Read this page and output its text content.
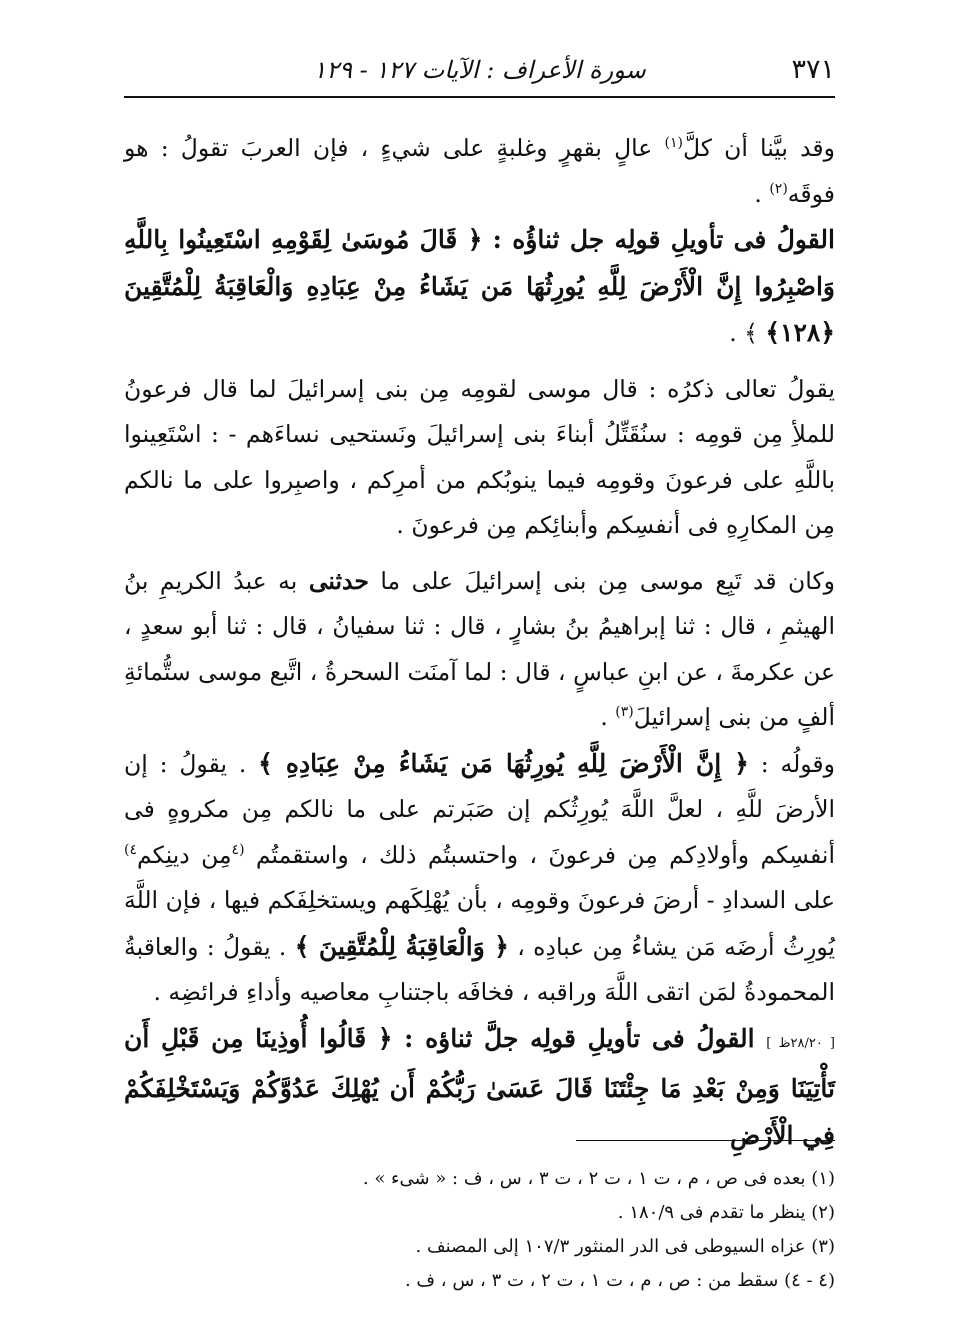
٣٧١
سورة الأعراف : الآيات ١٢٧ - ١٢٩

وقد بيَّنا أن كلَّ$^{(١)}$ عالٍ بقهرٍ وغلبةٍ على شيءٍ ، فإن العربَ تقولُ : هو فوقَه$^{(٢)}$ .

القولُ فى تأويلِ قولِه جل ثناؤُه : ﴿ قَالَ مُوسَىٰ لِقَوْمِهِ اسْتَعِينُوا بِاللَّهِ وَاصْبِرُوا إِنَّ الْأَرْضَ لِلَّهِ يُورِثُهَا مَن يَشَاءُ مِنْ عِبَادِهِ وَالْعَاقِبَةُ لِلْمُتَّقِينَ ﴿١٢٨﴾ ﴾ .

يقولُ تعالى ذكرُه : قال موسى لقومِه مِن بنى إسرائيلَ لما قال فرعونُ للملأِ مِن قومِه : سنُقَتِّلُ أبناءَ بنى إسرائيلَ ونَستحيى نساءَهم - : اسْتَعِينوا باللَّهِ على فرعونَ وقومِه فيما ينوبُكم من أمرِكم ، واصبِروا على ما نالكم مِن المكارِهِ فى أنفسِكم وأبنائِكم مِن فرعونَ .

وكان قد تَبِع موسى مِن بنى إسرائيلَ على ما حدثنى به عبدُ الكريمِ بنُ الهيثمِ ، قال : ثنا إبراهيمُ بنُ بشارٍ ، قال : ثنا سفيانُ ، قال : ثنا أبو سعدٍ ، عن عكرمةَ ، عن ابنِ عباسٍ ، قال : لما آمنَت السحرةُ ، اتَّبع موسى ستُّمائةِ ألفٍ من بنى إسرائيلَ$^{(٣)}$ .

وقولُه : ﴿ إِنَّ الْأَرْضَ لِلَّهِ يُورِثُهَا مَن يَشَاءُ مِنْ عِبَادِهِ ﴾ . يقولُ : إن الأرضَ للَّهِ ، لعلَّ اللَّهَ يُورِثُكم إن صَبَرتم على ما نالكم مِن مكروهٍ فى أنفسِكم وأولادِكم مِن فرعونَ ، واحتسبتُم ذلك ، واستقمتُم $^{(٤}$مِن دينِكم$^{٤)}$ على السدادِ - أرضَ فرعونَ وقومِه ، بأن يُهْلِكَهم ويستخلِفَكم فيها ، فإن اللَّهَ يُورِثُ أرضَه مَن يشاءُ مِن عبادِه ، ﴿ وَالْعَاقِبَةُ لِلْمُتَّقِينَ ﴾ . يقولُ : والعاقبةُ المحمودةُ لمَن اتقى اللَّهَ وراقبه ، فخافَه باجتنابِ معاصيه وأداءِ فرائضِه .

[ ٢٨/٢٠ظ ] القولُ فى تأويلِ قولِه جلَّ ثناؤه : ﴿ قَالُوا أُوذِينَا مِن قَبْلِ أَن تَأْتِيَنَا وَمِنْ بَعْدِ مَا جِئْتَنَا قَالَ عَسَىٰ رَبُّكُمْ أَن يُهْلِكَ عَدُوَّكُمْ وَيَسْتَخْلِفَكُمْ فِي الْأَرْضِ

(١) بعده فى ص ، م ، ت ١ ، ت ٢ ، ت ٣ ، س ، ف : « شىء » .

(٢) ينظر ما تقدم فى ١٨٠/٩ .

(٣) عزاه السيوطى فى الدر المنثور ١٠٧/٣ إلى المصنف .

(٤ - ٤) سقط من : ص ، م ، ت ١ ، ت ٢ ، ت ٣ ، س ، ف .
